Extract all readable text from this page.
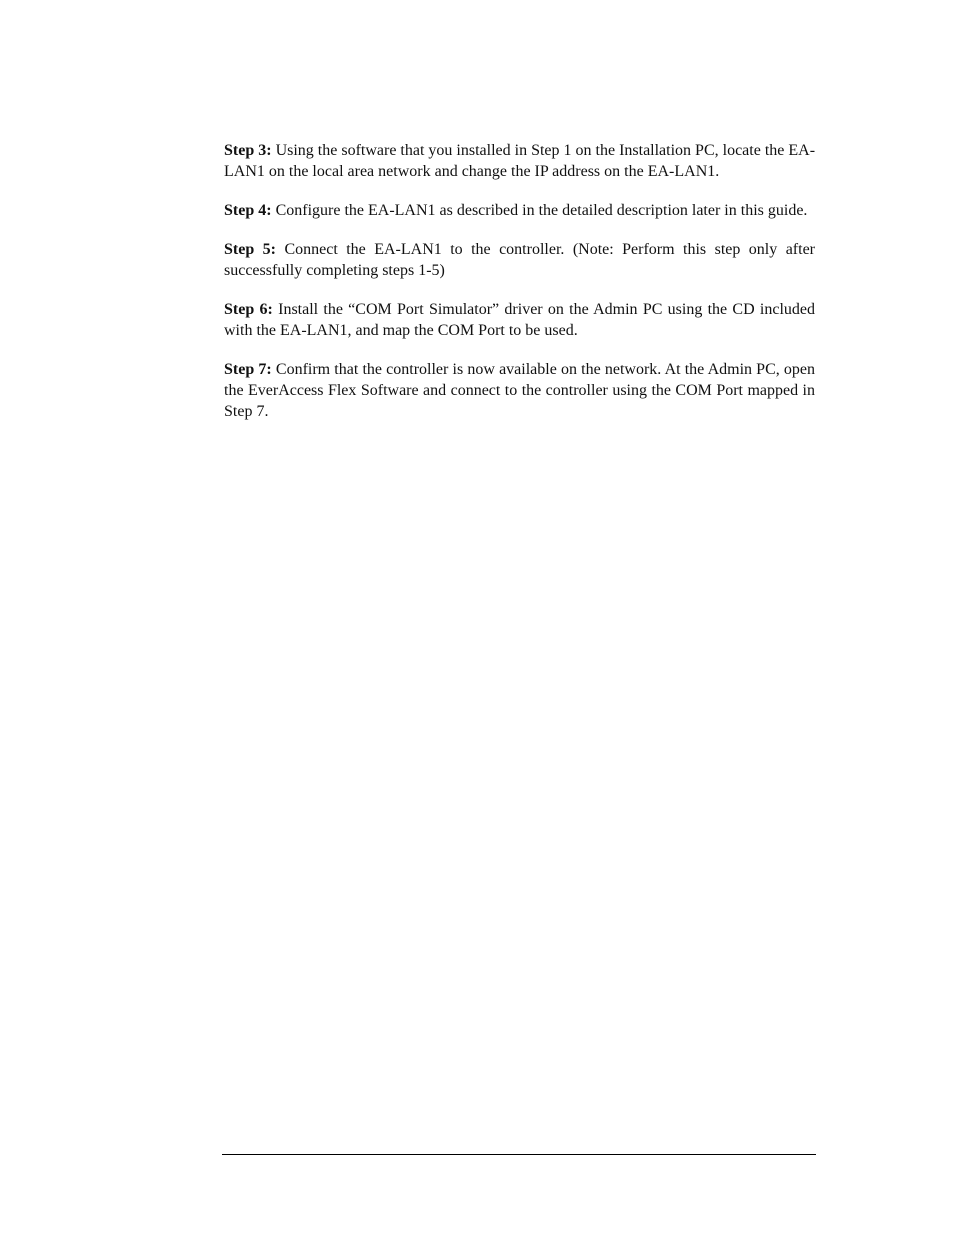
Step 3: Using the software that you installed in Step 1 on the Installation PC, locate the EA-LAN1 on the local area network and change the IP address on the EA-LAN1.

Step 4: Configure the EA-LAN1 as described in the detailed description later in this guide.

Step 5: Connect the EA-LAN1 to the controller. (Note: Perform this step only after successfully completing steps 1-5)

Step 6: Install the “COM Port Simulator” driver on the Admin PC using the CD included with the EA-LAN1, and map the COM Port to be used.

Step 7: Confirm that the controller is now available on the network. At the Admin PC, open the EverAccess Flex Software and connect to the controller using the COM Port mapped in Step 7.
